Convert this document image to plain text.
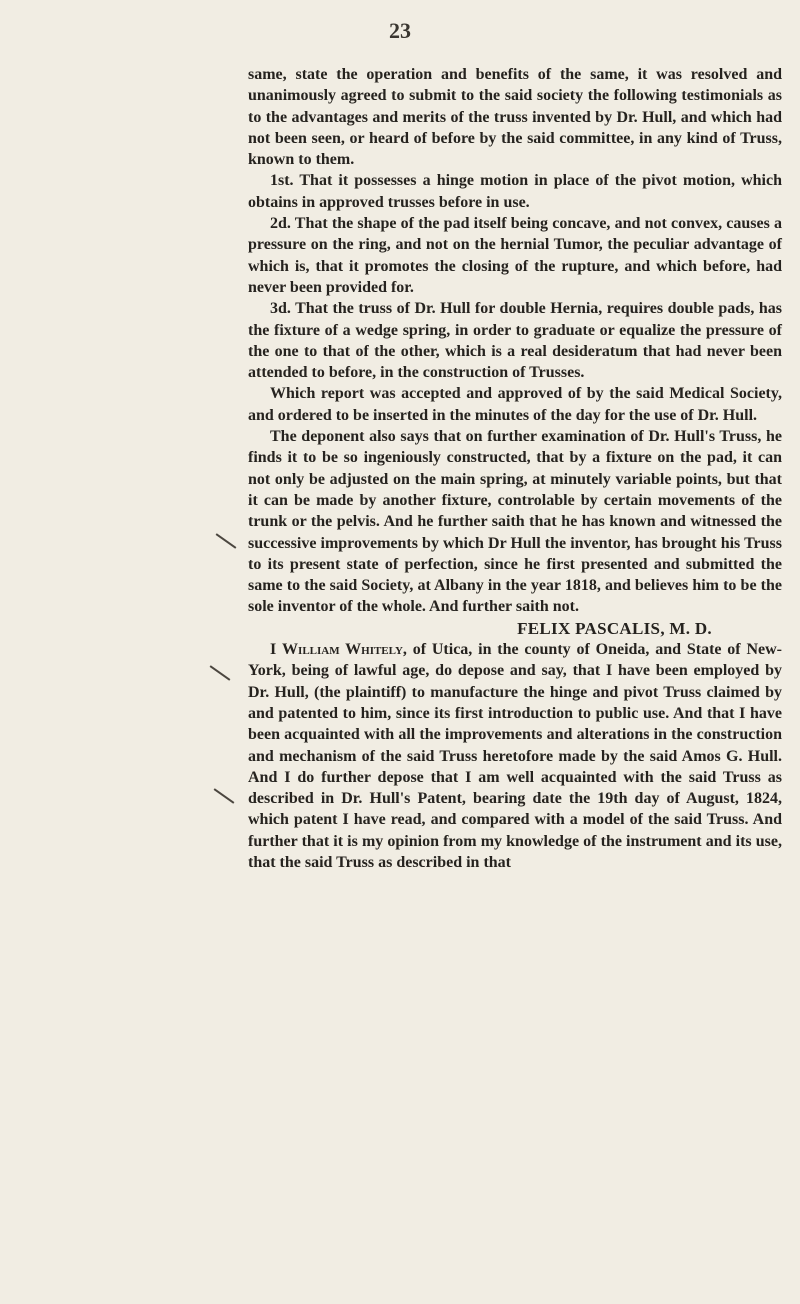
23

same, state the operation and benefits of the same, it was resolved and unanimously agreed to submit to the said society the following testimonials as to the advantages and merits of the truss invented by Dr. Hull, and which had not been seen, or heard of before by the said committee, in any kind of Truss, known to them.

1st. That it possesses a hinge motion in place of the pivot motion, which obtains in approved trusses before in use.

2d. That the shape of the pad itself being concave, and not convex, causes a pressure on the ring, and not on the hernial Tumor, the peculiar advantage of which is, that it promotes the closing of the rupture, and which before, had never been provided for.

3d. That the truss of Dr. Hull for double Hernia, requires double pads, has the fixture of a wedge spring, in order to graduate or equalize the pressure of the one to that of the other, which is a real desideratum that had never been attended to before, in the construction of Trusses.

Which report was accepted and approved of by the said Medical Society, and ordered to be inserted in the minutes of the day for the use of Dr. Hull.

The deponent also says that on further examination of Dr. Hull's Truss, he finds it to be so ingeniously constructed, that by a fixture on the pad, it can not only be adjusted on the main spring, at minutely variable points, but that it can be made by another fixture, controlable by certain movements of the trunk or the pelvis. And he further saith that he has known and witnessed the successive improvements by which Dr Hull the inventor, has brought his Truss to its present state of perfection, since he first presented and submitted the same to the said Society, at Albany in the year 1818, and believes him to be the sole inventor of the whole. And further saith not.

FELIX PASCALIS, M. D.

I William Whitely, of Utica, in the county of Oneida, and State of New-York, being of lawful age, do depose and say, that I have been employed by Dr. Hull, (the plaintiff) to manufacture the hinge and pivot Truss claimed by and patented to him, since its first introduction to public use. And that I have been acquainted with all the improvements and alterations in the construction and mechanism of the said Truss heretofore made by the said Amos G. Hull. And I do further depose that I am well acquainted with the said Truss as described in Dr. Hull's Patent, bearing date the 19th day of August, 1824, which patent I have read, and compared with a model of the said Truss. And further that it is my opinion from my knowledge of the instrument and its use, that the said Truss as described in that
